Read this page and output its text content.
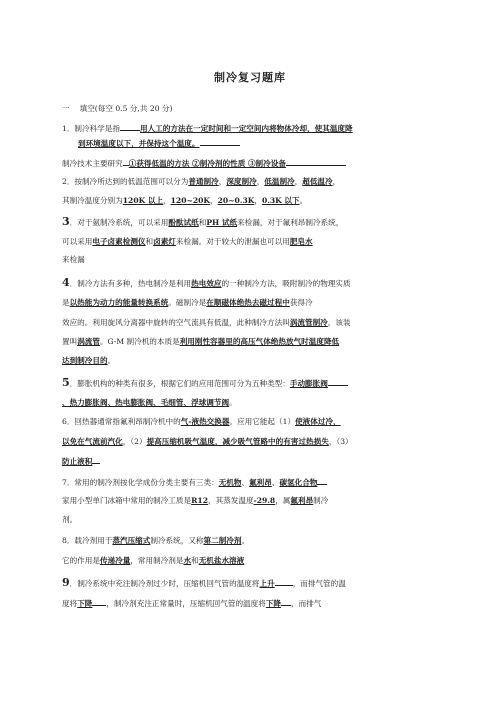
制冷复习题库
一　 填空(每空 0.5 分,共 20 分)
1．制冷科学是指	用人工的方法在一定时间和一定空间内将物体冷却，使其温度降
到环境温度以下，并保持这个温度。
制冷技术主要研究 ①获得低温的方法 ②制冷剂的性质 ③制冷设备
2．按制冷所达到的低温范围可以分为普通制冷，深度制冷，低温制冷，超低温冷，
其制冷温度分别为120K 以上，120~20K，20~0.3K，0.3K 以下。
3．对于氨制冷系统，可以采用酚酞试纸和PH 试纸来检漏，对于氟利昂制冷系统，
可以采用电子卤素检测仪和卤素灯来检漏。对于较大的泄漏也可以用肥皂水
来检漏
4．制冷方法有多种，热电制冷是利用热电效应的一种制冷方法，吸附制冷的物理实质
是以热能为动力的能量转换系统。磁制冷是在顺磁体绝热去磁过程中获得冷
效应的。利用旋风分离器中旋转的空气流具有低温，此种制冷方法叫涡流管制冷，该装
置叫涡流管。G-M 制冷机的本质是利用刚性容器里的高压气体绝热放气时温度降低
达到制冷目的。
5．膨胀机构的种类有很多，根据它们的应用范围可分为五种类型：手动膨胀阀
、热力膨胀阀、热电膨胀阀、毛细管、浮球调节阀。
6．回热器通常指氟利昂制冷机中的气-液热交换器。应用它能起（1）使液体过冷，
以免在气流前汽化，（2）提高压缩机吸气温度，减少吸气管路中的有害过热损失，（3）
防止液积
7．常用的制冷剂按化学成份分类主要有三类：无机物、氟利昂、碳氢化合物
家用小型单门冰箱中常用的制冷工质是R12，其蒸发温度-29.8，属氟利昂制冷
剂。
8．载冷剂用于蒸汽压缩式制冷系统，又称第二制冷剂。
它的作用是传递冷量，常用制冷剂是水和无机盐水溶液
9．制冷系统中充注制冷剂过少时，压缩机回气管的温度将上升 ，而排气管的温
度将下降 ，制冷剂充注正常量时，压缩机回气管的温度将下降 ，而排气
